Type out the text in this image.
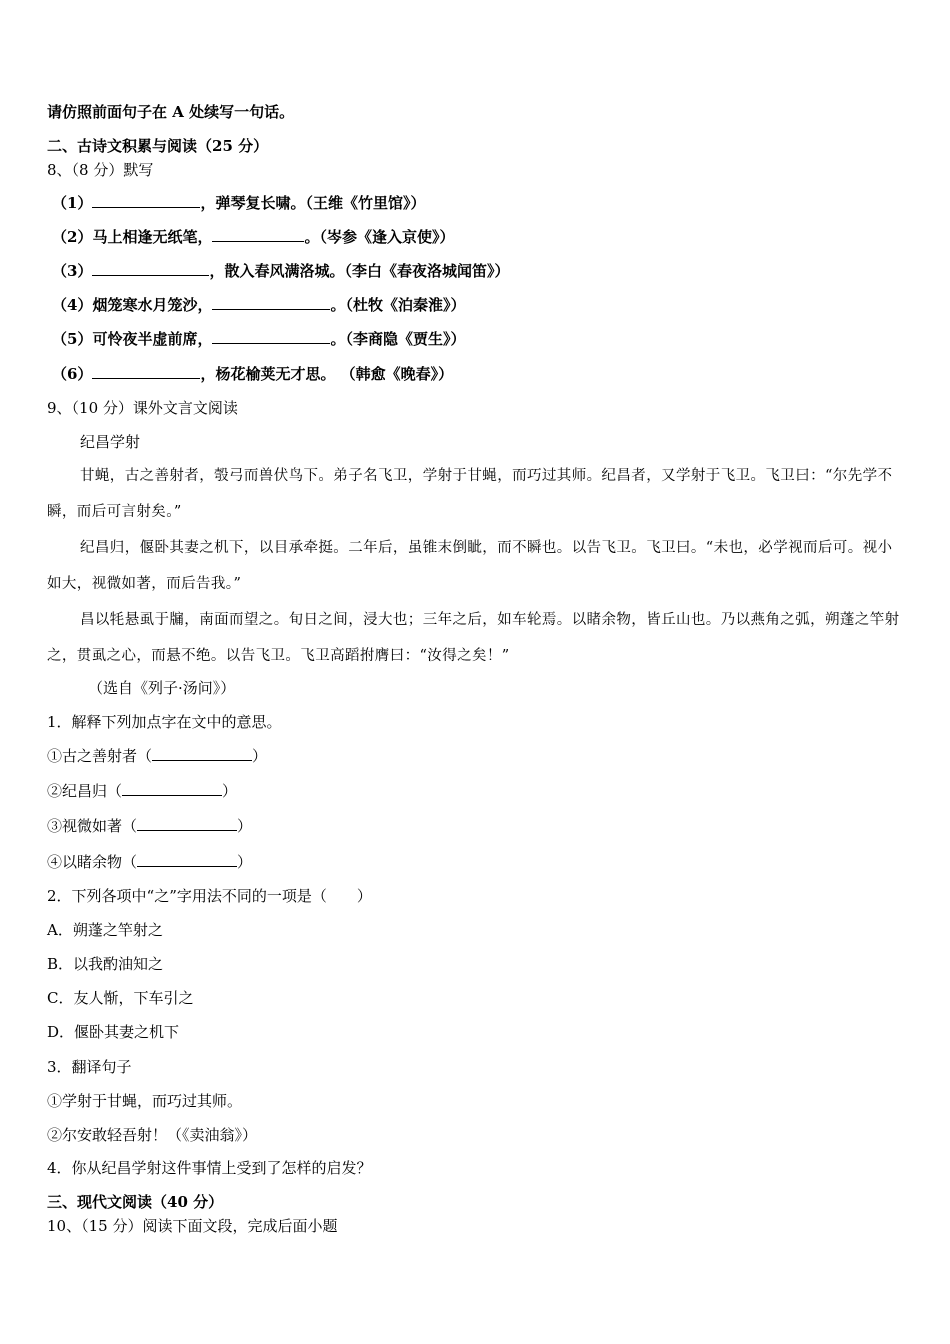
请仿照前面句子在 A 处续写一句话。
二、古诗文积累与阅读（25 分）
8、（8 分）默写
（1）	，弹琴复长啸。（王维《竹里馆》）
（2）马上相逢无纸笔，	。（岑参《逢入京使》）
（3）	，散入春风满洛城。（李白《春夜洛城闻笛》）
（4）烟笼寒水月笼沙，	。（杜牧《泊秦淮》）
（5）可怜夜半虚前席，	。（李商隐《贾生》）
（6）	，杨花榆荚无才思。 （韩愈《晚春》）
9、（10 分）课外文言文阅读
纪昌学射

甘蝇，古之善射者，彀弓而兽伏鸟下。弟子名飞卫，学射于甘蝇，而巧过其师。纪昌者，又学射于飞卫。飞卫曰：“尔先学不瞬，而后可言射矣。”

纪昌归，偃卧其妻之机下，以目承牵挺。二年后，虽锥末倒眦，而不瞬也。以告飞卫。飞卫曰。“未也，必学视而后可。视小如大，视微如著，而后告我。”

昌以牦悬虱于牖，南面而望之。旬日之间，浸大也；三年之后，如车轮焉。以睹余物，皆丘山也。乃以燕角之弧，朔蓬之竿射之，贯虱之心，而悬不绝。以告飞卫。飞卫高蹈拊膺曰：“汝得之矣！”

（选自《列子·汤问》）
1．解释下列加点字在文中的意思。
①古之善射者（	）
②纪昌归（	）
③视微如著（	）
④以睹余物（	）
2．下列各项中“之”字用法不同的一项是（　　）
A．朔蓬之竿射之
B．以我酌油知之
C．友人惭，下车引之
D．偃卧其妻之机下
3．翻译句子
①学射于甘蝇，而巧过其师。
②尔安敢轻吾射！（《卖油翁》）
4．你从纪昌学射这件事情上受到了怎样的启发？
三、现代文阅读（40 分）
10、（15 分）阅读下面文段，完成后面小题
